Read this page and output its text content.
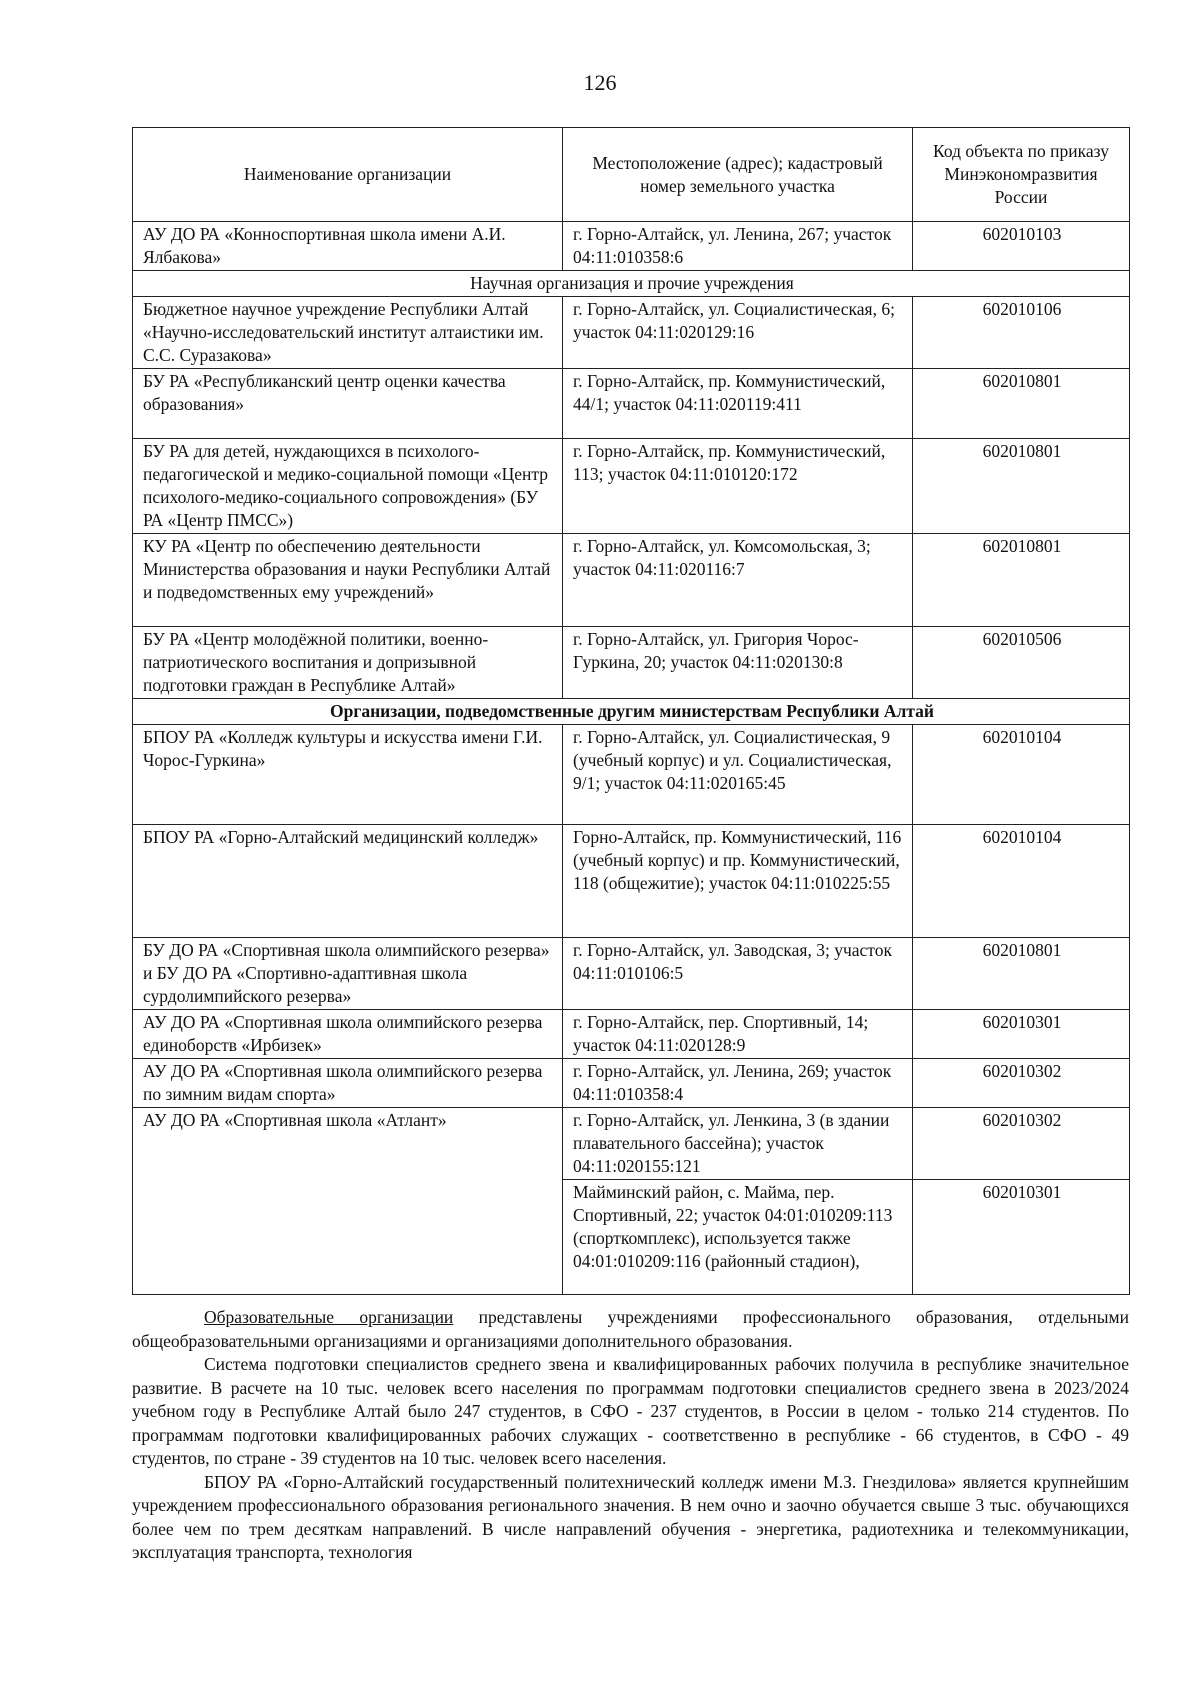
126
Наименование организации	Местоположение (адрес); кадастровый номер земельного участка	Код объекта по приказу Минэкономразвития России
АУ ДО РА «Конноспортивная школа имени А.И. Ялбакова»	г. Горно-Алтайск, ул. Ленина, 267; участок 04:11:010358:6	602010103
Научная организация и прочие учреждения		
Бюджетное научное учреждение Республики Алтай «Научно-исследовательский институт алтаистики им. С.С. Суразакова»	г. Горно-Алтайск, ул. Социалистическая, 6; участок 04:11:020129:16	602010106
БУ РА «Республиканский центр оценки качества образования»	г. Горно-Алтайск, пр. Коммунистический, 44/1; участок 04:11:020119:411	602010801
БУ РА для детей, нуждающихся в психолого-педагогической и медико-социальной помощи «Центр психолого-медико-социального сопровождения» (БУ РА «Центр ПМСС»)	г. Горно-Алтайск, пр. Коммунистический, 113; участок 04:11:010120:172	602010801
КУ РА «Центр по обеспечению деятельности Министерства образования и науки Республики Алтай и подведомственных ему учреждений»	г. Горно-Алтайск, ул. Комсомольская, 3; участок 04:11:020116:7	602010801
БУ РА «Центр молодёжной политики, военно-патриотического воспитания и допризывной подготовки граждан в Республике Алтай»	г. Горно-Алтайск, ул. Григория Чорос-Гуркина, 20; участок 04:11:020130:8	602010506
Организации, подведомственные другим министерствам Республики Алтай		
БПОУ РА «Колледж культуры и искусства имени Г.И. Чорос-Гуркина»	г. Горно-Алтайск, ул. Социалистическая, 9 (учебный корпус) и ул. Социалистическая, 9/1; участок 04:11:020165:45	602010104
БПОУ РА «Горно-Алтайский медицинский колледж»	Горно-Алтайск, пр. Коммунистический, 116 (учебный корпус) и пр. Коммунистический, 118 (общежитие); участок 04:11:010225:55	602010104
БУ ДО РА «Спортивная школа олимпийского резерва» и БУ ДО РА «Спортивно-адаптивная школа сурдолимпийского резерва»	г. Горно-Алтайск, ул. Заводская, 3; участок 04:11:010106:5	602010801
АУ ДО РА «Спортивная школа олимпийского резерва единоборств «Ирбизек»	г. Горно-Алтайск, пер. Спортивный, 14; участок 04:11:020128:9	602010301
АУ ДО РА «Спортивная школа олимпийского резерва по зимним видам спорта»	г. Горно-Алтайск, ул. Ленина, 269; участок 04:11:010358:4	602010302
АУ ДО РА «Спортивная школа «Атлант»	г. Горно-Алтайск, ул. Ленкина, 3 (в здании плавательного бассейна); участок 04:11:020155:121	602010302
	Майминский район, с. Майма, пер. Спортивный, 22; участок 04:01:010209:113 (спорткомплекс), используется также 04:01:010209:116 (районный стадион),	602010301

Образовательные организации представлены учреждениями профессионального образования, отдельными общеобразовательными организациями и организациями дополнительного образования.

Система подготовки специалистов среднего звена и квалифицированных рабочих получила в республике значительное развитие. В расчете на 10 тыс. человек всего населения по программам подготовки специалистов среднего звена в 2023/2024 учебном году в Республике Алтай было 247 студентов, в СФО - 237 студентов, в России в целом - только 214 студентов. По программам подготовки квалифицированных рабочих служащих - соответственно в республике - 66 студентов, в СФО - 49 студентов, по стране - 39 студентов на 10 тыс. человек всего населения.

БПОУ РА «Горно-Алтайский государственный политехнический колледж имени М.З. Гнездилова» является крупнейшим учреждением профессионального образования регионального значения. В нем очно и заочно обучается свыше 3 тыс. обучающихся более чем по трем десяткам направлений. В числе направлений обучения - энергетика, радиотехника и телекоммуникации, эксплуатация транспорта, технология
